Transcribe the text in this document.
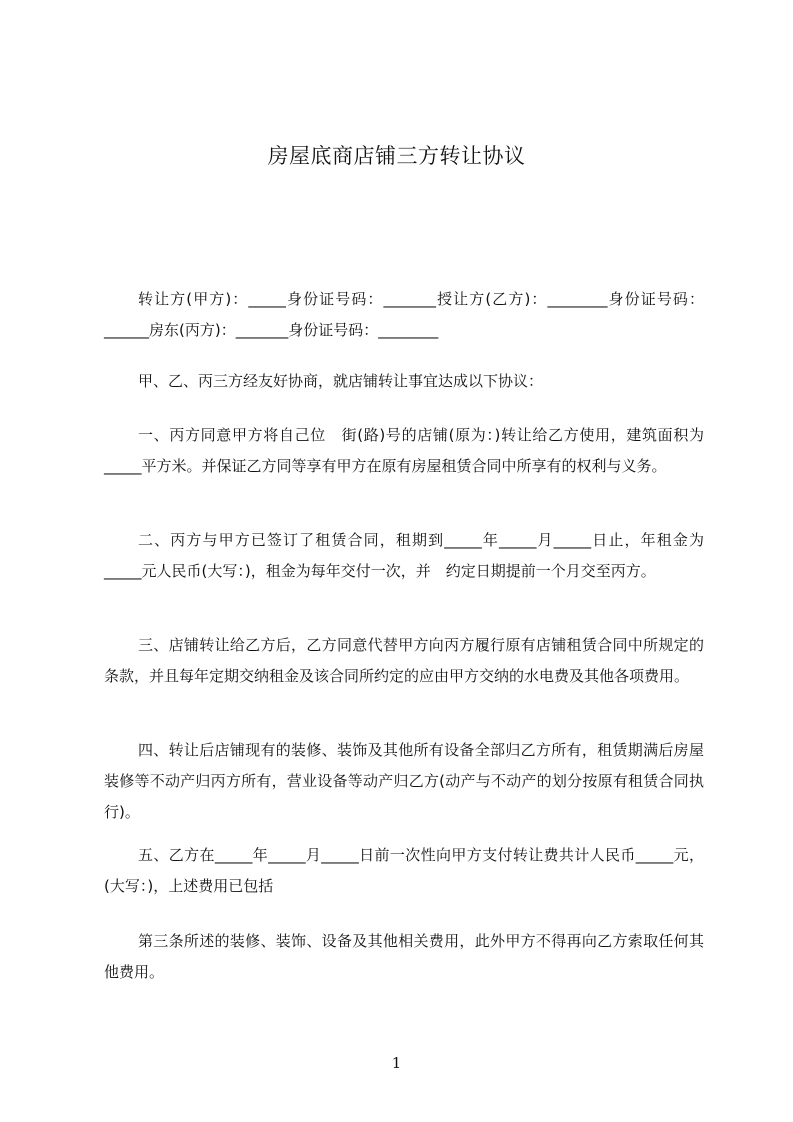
房屋底商店铺三方转让协议

转让方(甲方)：_____身份证号码：_______授让方(乙方)：________身份证号码：______房东(丙方)：_______身份证号码：________

甲、乙、丙三方经友好协商，就店铺转让事宜达成以下协议：

一、丙方同意甲方将自己位　街(路)号的店铺(原为：)转让给乙方使用，建筑面积为_____平方米。并保证乙方同等享有甲方在原有房屋租赁合同中所享有的权利与义务。

二、丙方与甲方已签订了租赁合同，租期到_____年_____月_____日止，年租金为_____元人民币(大写：)，租金为每年交付一次，并　约定日期提前一个月交至丙方。

三、店铺转让给乙方后，乙方同意代替甲方向丙方履行原有店铺租赁合同中所规定的条款，并且每年定期交纳租金及该合同所约定的应由甲方交纳的水电费及其他各项费用。

四、转让后店铺现有的装修、装饰及其他所有设备全部归乙方所有，租赁期满后房屋装修等不动产归丙方所有，营业设备等动产归乙方(动产与不动产的划分按原有租赁合同执行)。

五、乙方在_____年_____月_____日前一次性向甲方支付转让费共计人民币_____元，(大写：)，上述费用已包括

第三条所述的装修、装饰、设备及其他相关费用，此外甲方不得再向乙方索取任何其他费用。

1
